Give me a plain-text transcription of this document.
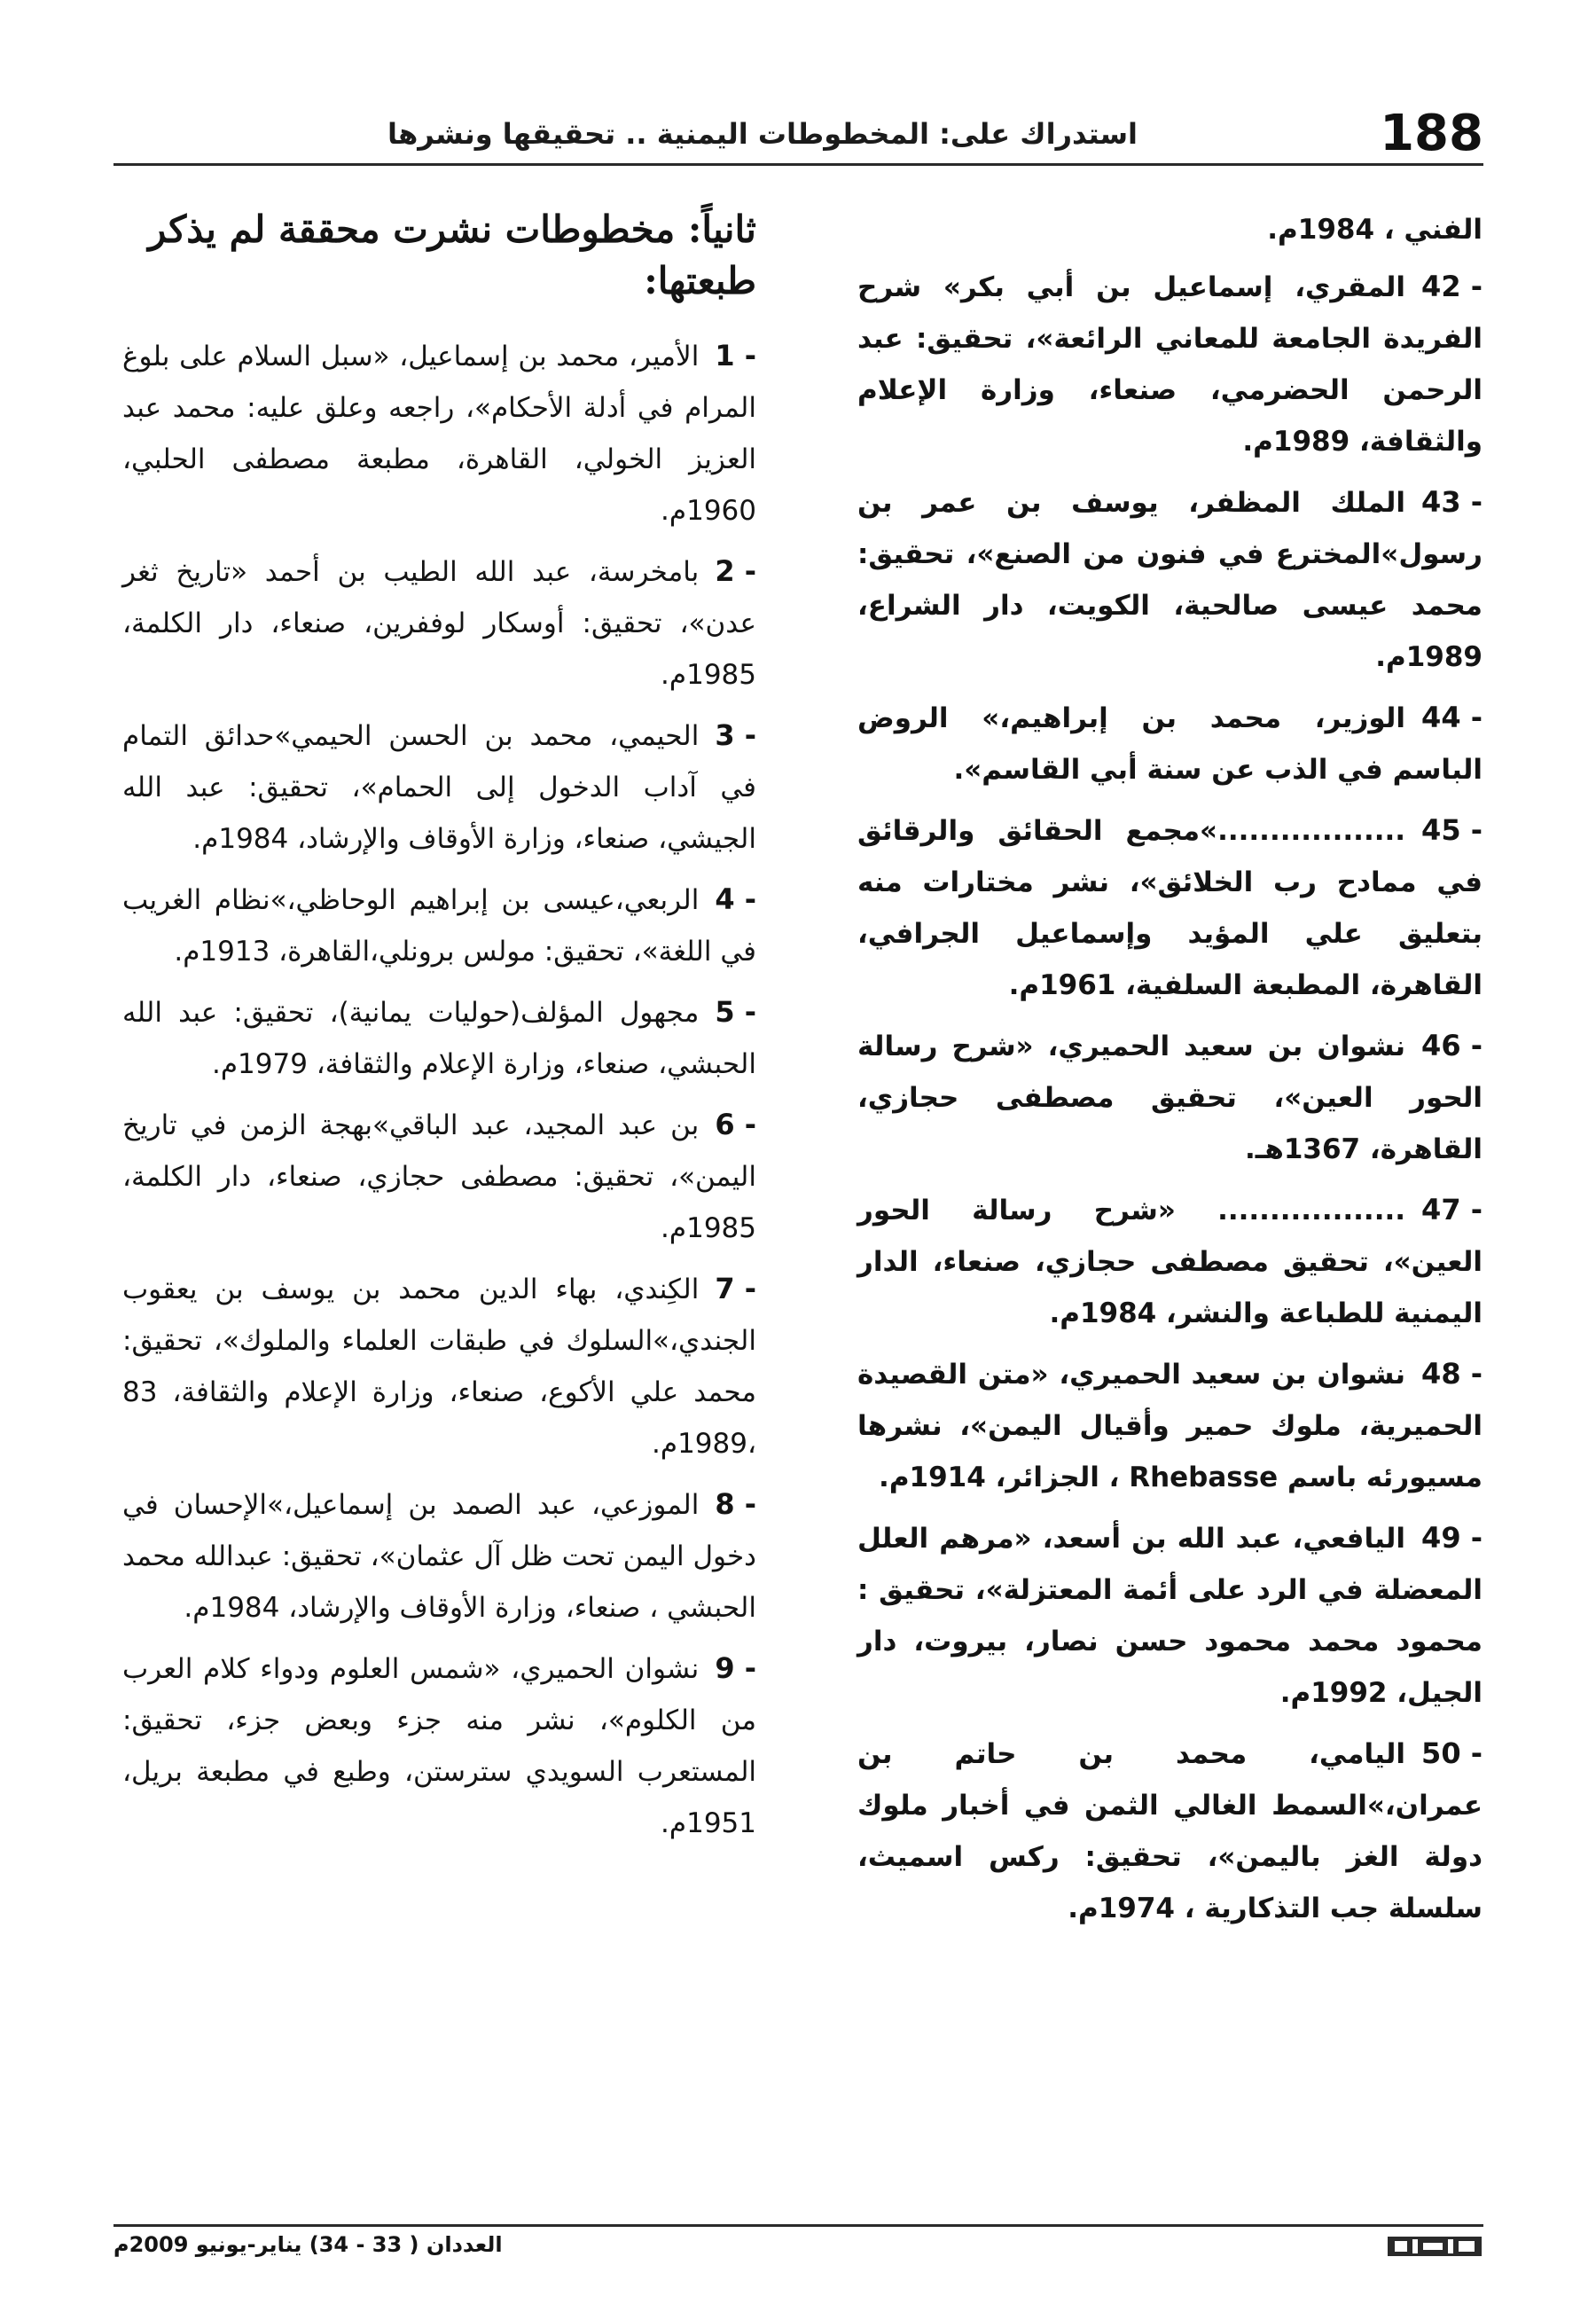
188
استدراك على: المخطوطات اليمنية .. تحقيقها ونشرها
الفني ، 1984م.
42 -المقري، إسماعيل بن أبي بكر» شرح الفريدة الجامعة للمعاني الرائعة»، تحقيق: عبد الرحمن الحضرمي، صنعاء، وزارة الإعلام والثقافة، 1989م.
43 -الملك المظفر، يوسف بن عمر بن رسول»المخترع في فنون من الصنع»، تحقيق: محمد عيسى صالحية، الكويت، دار الشراع، 1989م.
44 -الوزير، محمد بن إبراهيم،» الروض الباسم في الذب عن سنة أبي القاسم».
45 -..................»مجمع الحقائق والرقائق في ممادح رب الخلائق»، نشر مختارات منه بتعليق علي المؤيد وإسماعيل الجرافي، القاهرة، المطبعة السلفية، 1961م.
46 -نشوان بن سعيد الحميري، «شرح رسالة الحور العين»، تحقيق مصطفى حجازي، القاهرة، 1367هـ.
47 -.................. «شرح رسالة الحور العين»، تحقيق مصطفى حجازي، صنعاء، الدار اليمنية للطباعة والنشر، 1984م.
48 -نشوان بن سعيد الحميري، «متن القصيدة الحميرية، ملوك حمير وأقيال اليمن»، نشرها مسيورئه باسم Rhebasse ، الجزائر، 1914م.
49 -اليافعي، عبد الله بن أسعد، «مرهم العلل المعضلة في الرد على أئمة المعتزلة»، تحقيق : محمود محمد محمود حسن نصار، بيروت، دار الجيل، 1992م.
50 -اليامي، محمد بن حاتم بن عمران،»السمط الغالي الثمن في أخبار ملوك دولة الغز باليمن»، تحقيق: ركس اسميث، سلسلة جب التذكارية ، 1974م.
ثانياً: مخطوطات نشرت محققة لم يذكر طبعتها:
1 -الأمير، محمد بن إسماعيل، «سبل السلام على بلوغ المرام في أدلة الأحكام»، راجعه وعلق عليه: محمد عبد العزيز الخولي، القاهرة، مطبعة مصطفى الحلبي، 1960م.
2 -بامخرسة، عبد الله الطيب بن أحمد «تاريخ ثغر عدن»، تحقيق: أوسكار لوففرين، صنعاء، دار الكلمة، 1985م.
3 -الحيمي، محمد بن الحسن الحيمي»حدائق التمام في آداب الدخول إلى الحمام»، تحقيق: عبد الله الجيشي، صنعاء، وزارة الأوقاف والإرشاد، 1984م.
4 -الربعي،عيسى بن إبراهيم الوحاظي،»نظام الغريب في اللغة»، تحقيق: مولس برونلي،القاهرة، 1913م.
5 -مجهول المؤلف(حوليات يمانية)، تحقيق: عبد الله الحبشي، صنعاء، وزارة الإعلام والثقافة، 1979م.
6 -بن عبد المجيد، عبد الباقي»بهجة الزمن في تاريخ اليمن»، تحقيق: مصطفى حجازي، صنعاء، دار الكلمة، 1985م.
7 -الكِندي، بهاء الدين محمد بن يوسف بن يعقوب الجندي،»السلوك في طبقات العلماء والملوك»، تحقيق: محمد علي الأكوع، صنعاء، وزارة الإعلام والثقافة، 83 ،1989م.
8 -الموزعي، عبد الصمد بن إسماعيل،»الإحسان في دخول اليمن تحت ظل آل عثمان»، تحقيق: عبدالله محمد الحبشي ، صنعاء، وزارة الأوقاف والإرشاد، 1984م.
9 -نشوان الحميري، «شمس العلوم ودواء كلام العرب من الكلوم»، نشر منه جزء وبعض جزء، تحقيق: المستعرب السويدي سترستن، وطبع في مطبعة بريل، 1951م.
العددان ( 33 - 34) يناير-يونيو 2009م
